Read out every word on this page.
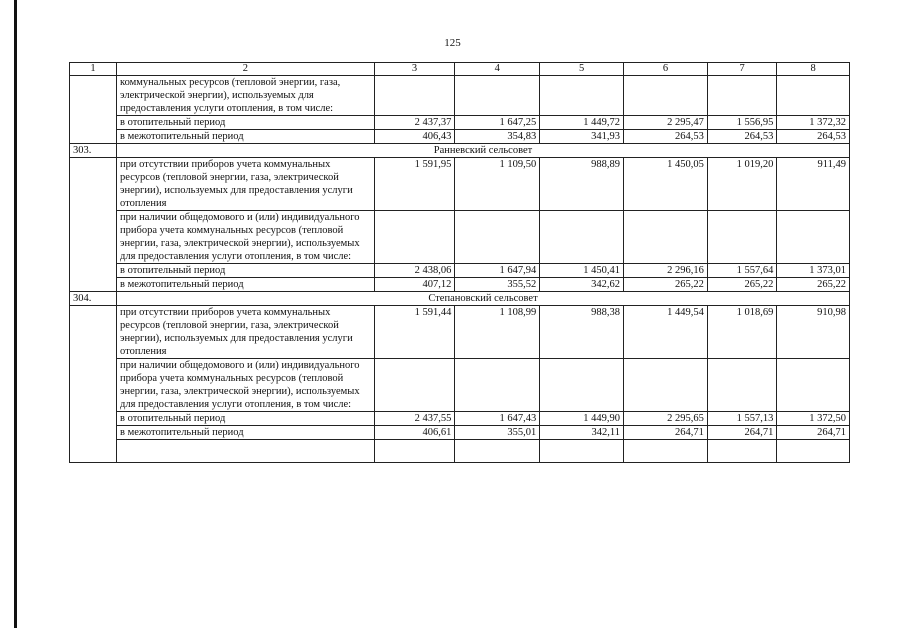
125
1	2	3	4	5	6	7	8
	коммунальных ресурсов (тепловой энергии, газа, электрической энергии), используемых для предоставления услуги отопления, в том числе:						
	в отопительный период	2 437,37	1 647,25	1 449,72	2 295,47	1 556,95	1 372,32
	в межотопительный период	406,43	354,83	341,93	264,53	264,53	264,53
303.	Ранневский сельсовет						
	при отсутствии приборов учета коммунальных ресурсов (тепловой энергии, газа, электрической энергии), используемых для предоставления услуги отопления	1 591,95	1 109,50	988,89	1 450,05	1 019,20	911,49
	при наличии общедомового и (или) индивидуального прибора учета коммунальных ресурсов (тепловой энергии, газа, электрической энергии), используемых для предоставления услуги отопления, в том числе:						
	в отопительный период	2 438,06	1 647,94	1 450,41	2 296,16	1 557,64	1 373,01
	в межотопительный период	407,12	355,52	342,62	265,22	265,22	265,22
304.	Степановский сельсовет						
	при отсутствии приборов учета коммунальных ресурсов (тепловой энергии, газа, электрической энергии), используемых для предоставления услуги отопления	1 591,44	1 108,99	988,38	1 449,54	1 018,69	910,98
	при наличии общедомового и (или) индивидуального прибора учета коммунальных ресурсов (тепловой энергии, газа, электрической энергии), используемых для предоставления услуги отопления, в том числе:						
	в отопительный период	2 437,55	1 647,43	1 449,90	2 295,65	1 557,13	1 372,50
	в межотопительный период	406,61	355,01	342,11	264,71	264,71	264,71
